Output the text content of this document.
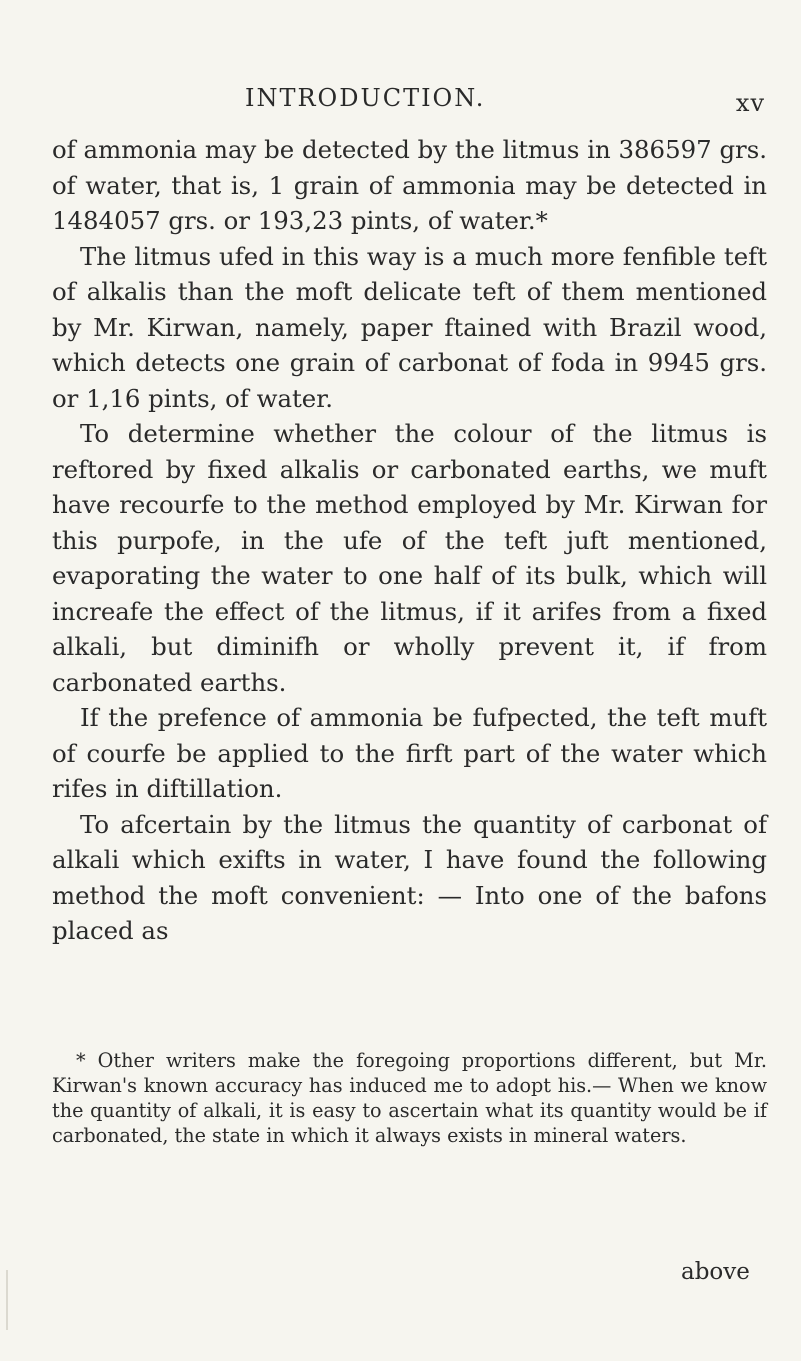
INTRODUCTION.	xv

of ammonia may be detected by the litmus in 386597 grs. of water, that is, 1 grain of ammonia may be detected in 1484057 grs. or 193,23 pints, of water.*

The litmus ufed in this way is a much more fenfible teft of alkalis than the moft delicate teft of them mentioned by Mr. Kirwan, namely, paper ftained with Brazil wood, which detects one grain of carbonat of foda in 9945 grs. or 1,16 pints, of water.

To determine whether the colour of the litmus is reftored by fixed alkalis or carbonated earths, we muft have recourfe to the method employed by Mr. Kirwan for this purpofe, in the ufe of the teft juft mentioned, evaporating the water to one half of its bulk, which will increafe the effect of the litmus, if it arifes from a fixed alkali, but diminifh or wholly prevent it, if from carbonated earths.

If the prefence of ammonia be fufpected, the teft muft of courfe be applied to the firft part of the water which rifes in diftillation.

To afcertain by the litmus the quantity of carbonat of alkali which exifts in water, I have found the following method the moft convenient: — Into one of the bafons placed as

* Other writers make the foregoing proportions different, but Mr. Kirwan's known accuracy has induced me to adopt his.— When we know the quantity of alkali, it is easy to ascertain what its quantity would be if carbonated, the state in which it always exists in mineral waters.

above
